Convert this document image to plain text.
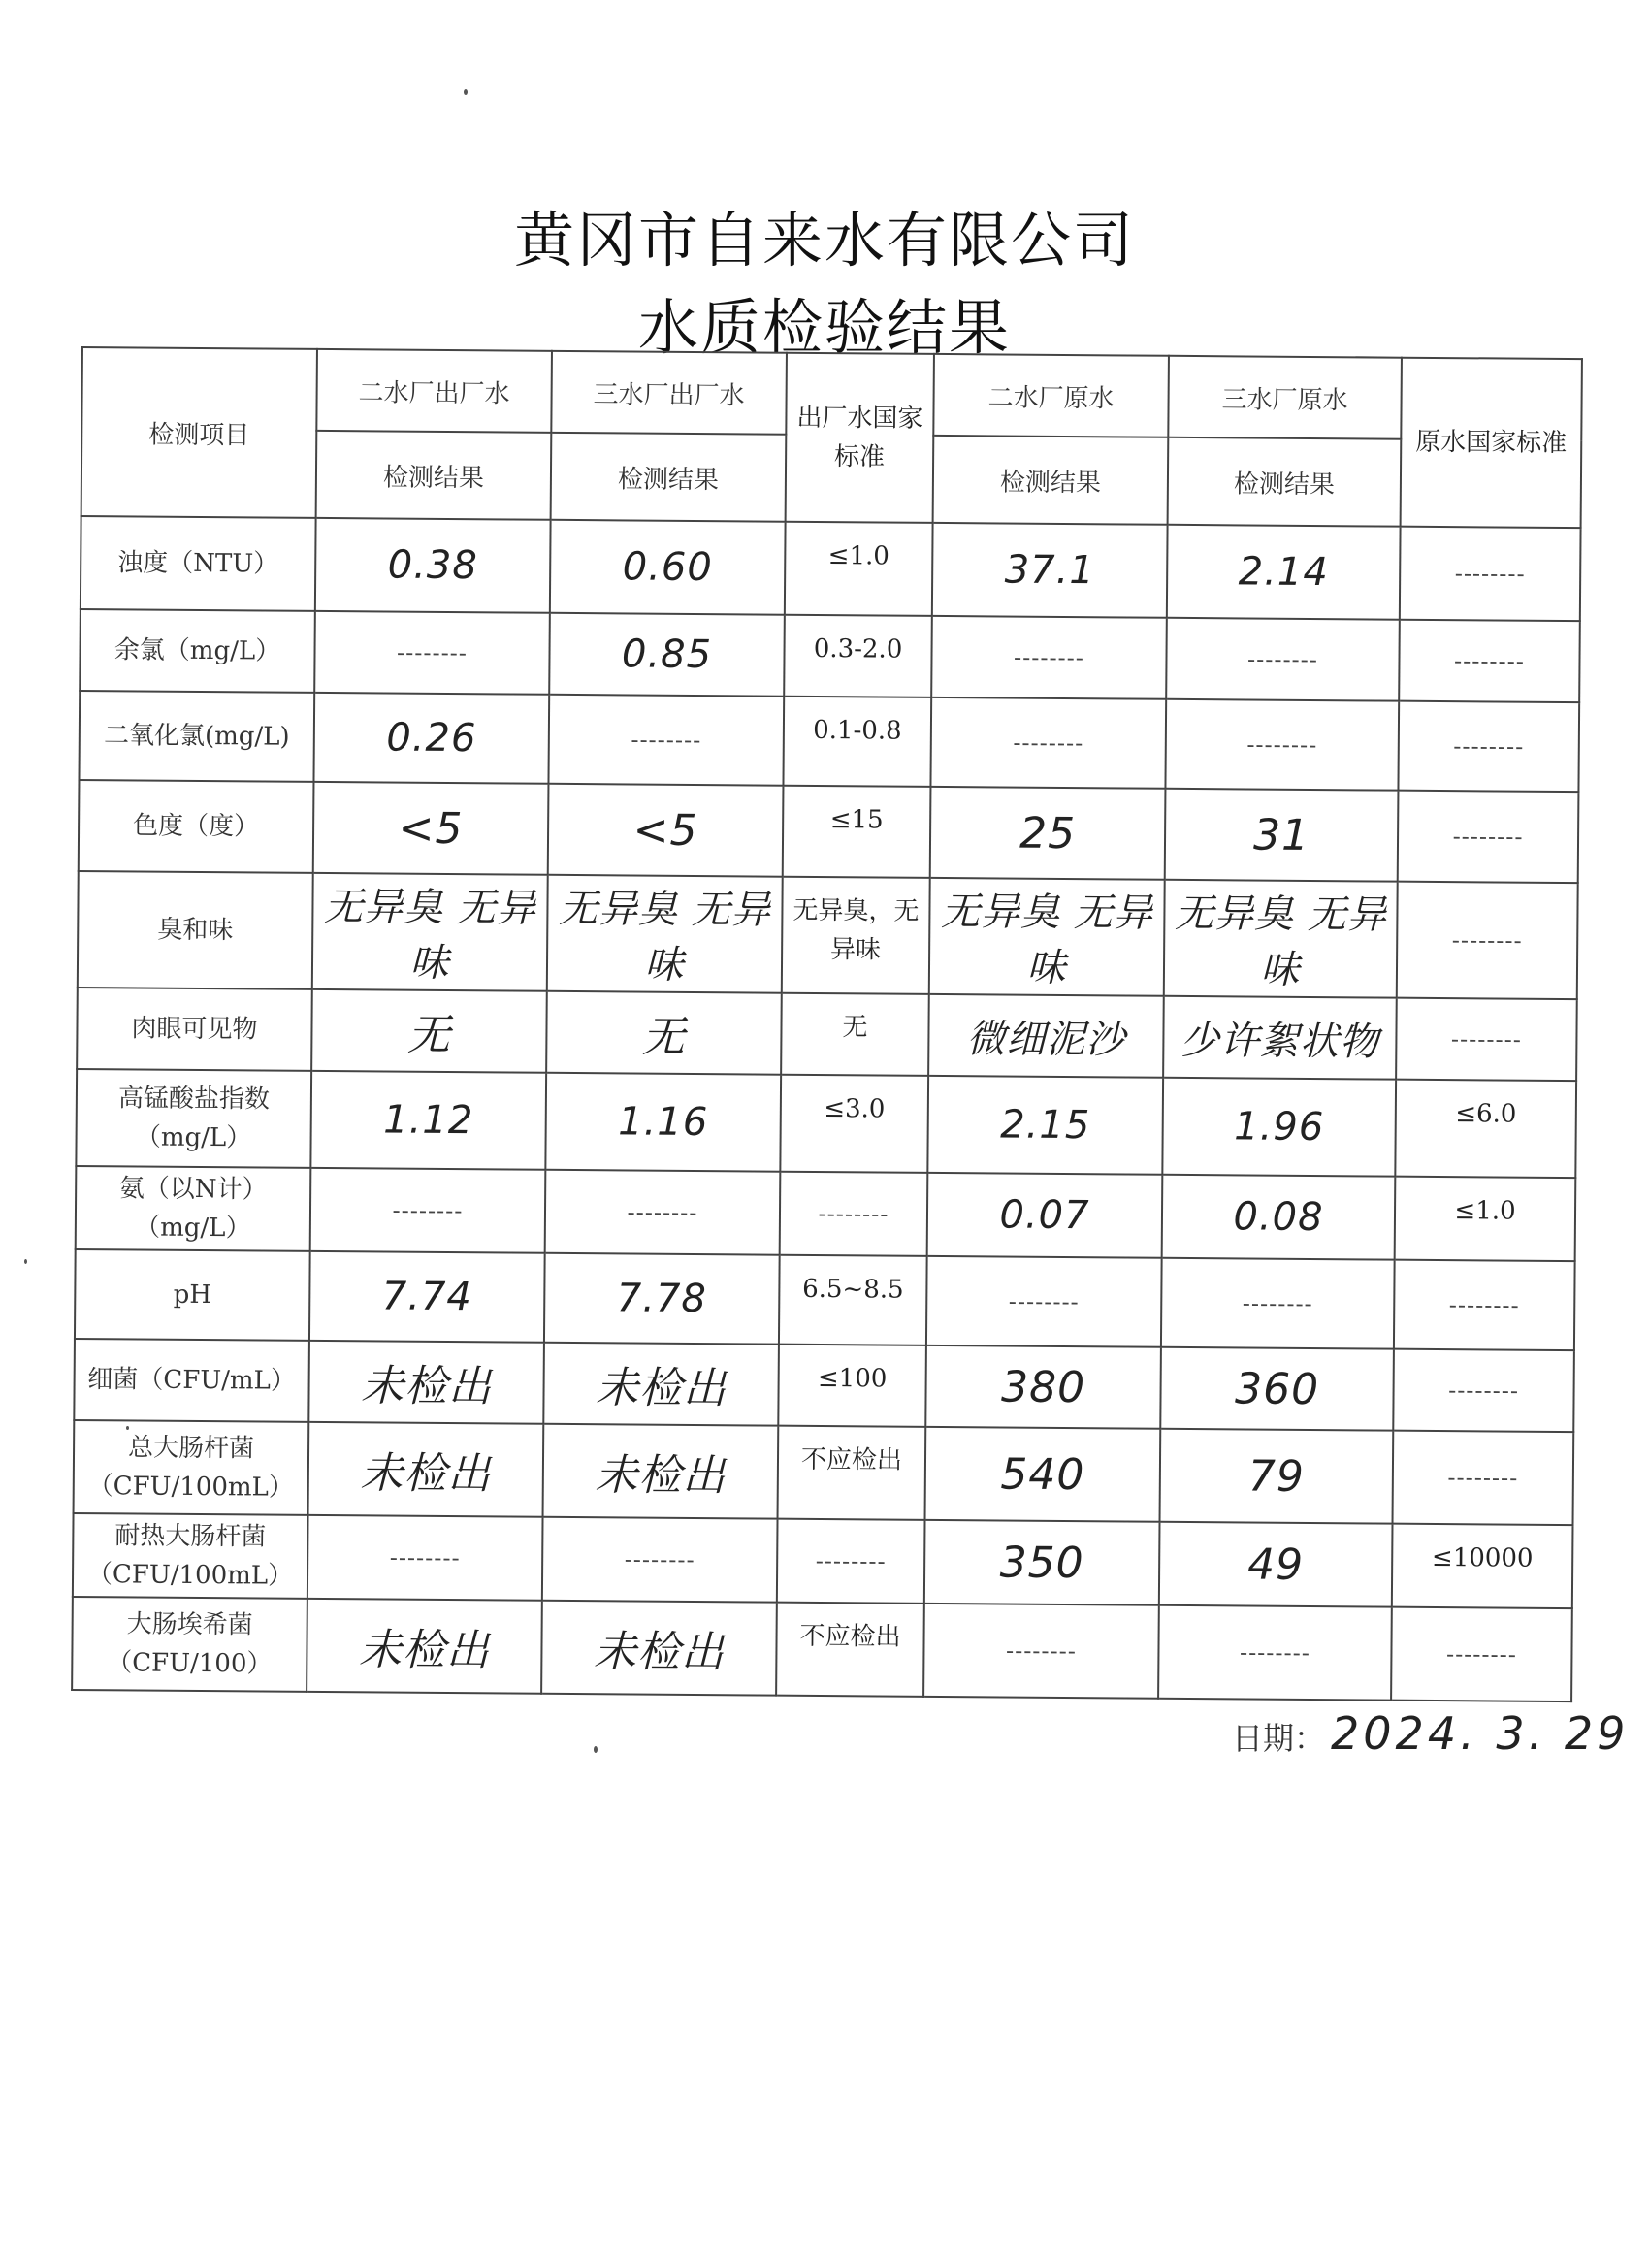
黄冈市自来水有限公司
水质检验结果
检测项目	二水厂出厂水	三水厂出厂水	出厂水国家标准	二水厂原水	三水厂原水	原水国家标准
	检测结果	检测结果		检测结果	检测结果	
浊度（NTU）	0.38	0.60	≤1.0	37.1	2.14	--------
余氯（mg/L）	--------	0.85	0.3-2.0	--------	--------	--------
二氧化氯(mg/L)	0.26	--------	0.1-0.8	--------	--------	--------
色度（度）	<5	<5	≤15	25	31	--------
臭和味	无异臭 无异味	无异臭 无异味	无异臭，无异味	无异臭 无异味	无异臭 无异味	--------
肉眼可见物	无	无	无	微细泥沙	少许絮状物	--------
高锰酸盐指数（mg/L）	1.12	1.16	≤3.0	2.15	1.96	≤6.0
氨（以N计）（mg/L）	--------	--------	--------	0.07	0.08	≤1.0
pH	7.74	7.78	6.5~8.5	--------	--------	--------
细菌（CFU/mL）	未检出	未检出	≤100	380	360	--------
总大肠杆菌（CFU/100mL）	未检出	未检出	不应检出	540	79	--------
耐热大肠杆菌（CFU/100mL）	--------	--------	--------	350	49	≤10000
大肠埃希菌（CFU/100）	未检出	未检出	不应检出	--------	--------	--------
日期： 2024. 3. 29
